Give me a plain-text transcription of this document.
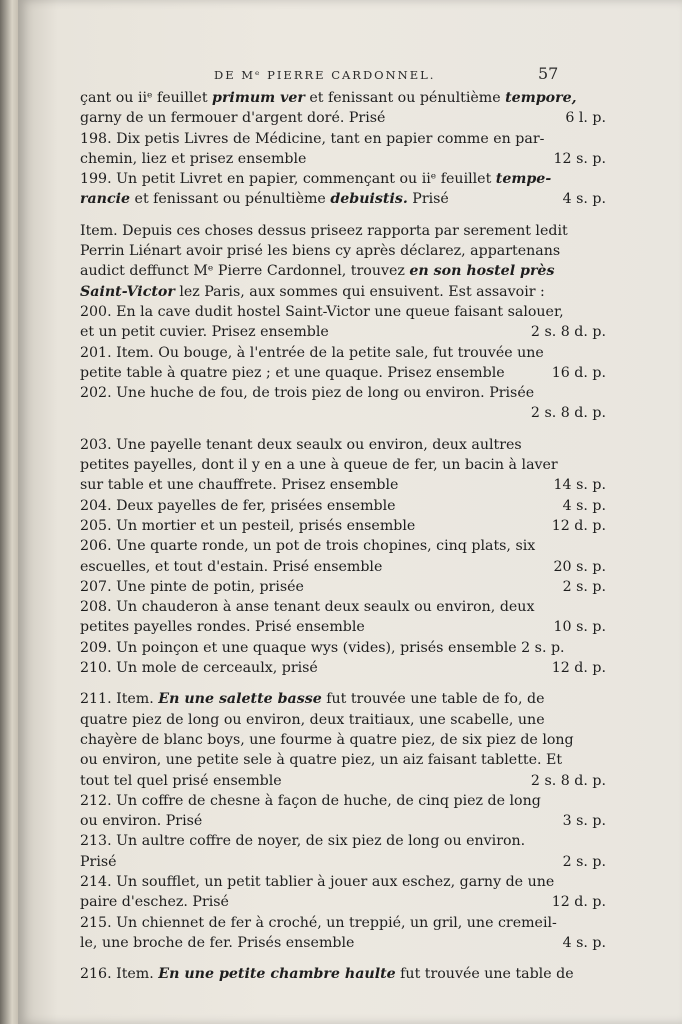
DE Mᵉ PIERRE CARDONNEL.	57
çant ou iiᵉ feuillet primum ver et fenissant ou pénultième tempore,
garny de un fermouer d'argent doré. Prisé	6 l. p.
198. Dix petis Livres de Médicine, tant en papier comme en par-
chemin, liez et prisez ensemble	12 s. p.
199. Un petit Livret en papier, commençant ou iiᵉ feuillet tempe-
rancie et fenissant ou pénultième debuistis. Prisé	4 s. p.
Item. Depuis ces choses dessus priseez rapporta par serement ledit
Perrin Liénart avoir prisé les biens cy après déclarez, appartenans
audict deffunct Mᵉ Pierre Cardonnel, trouvez en son hostel près
Saint-Victor lez Paris, aux sommes qui ensuivent. Est assavoir :
200. En la cave dudit hostel Saint-Victor une queue faisant salouer,
et un petit cuvier. Prisez ensemble	2 s. 8 d. p.
201. Item. Ou bouge, à l'entrée de la petite sale, fut trouvée une
petite table à quatre piez ; et une quaque. Prisez ensemble	16 d. p.
202. Une huche de fou, de trois piez de long ou environ. Prisée
2 s. 8 d. p.
203. Une payelle tenant deux seaulx ou environ, deux aultres
petites payelles, dont il y en a une à queue de fer, un bacin à laver
sur table et une chauffrete. Prisez ensemble	14 s. p.
204. Deux payelles de fer, prisées ensemble	4 s. p.
205. Un mortier et un pesteil, prisés ensemble	12 d. p.
206. Une quarte ronde, un pot de trois chopines, cinq plats, six
escuelles, et tout d'estain. Prisé ensemble	20 s. p.
207. Une pinte de potin, prisée	2 s. p.
208. Un chauderon à anse tenant deux seaulx ou environ, deux
petites payelles rondes. Prisé ensemble	10 s. p.
209. Un poinçon et une quaque wys (vides), prisés ensemble 2 s. p.
210. Un mole de cerceaulx, prisé	12 d. p.
211. Item. En une salette basse fut trouvée une table de fo, de
quatre piez de long ou environ, deux traitiaux, une scabelle, une
chayère de blanc boys, une fourme à quatre piez, de six piez de long
ou environ, une petite sele à quatre piez, un aiz faisant tablette. Et
tout tel quel prisé ensemble	2 s. 8 d. p.
212. Un coffre de chesne à façon de huche, de cinq piez de long
ou environ. Prisé	3 s. p.
213. Un aultre coffre de noyer, de six piez de long ou environ.
Prisé	2 s. p.
214. Un soufflet, un petit tablier à jouer aux eschez, garny de une
paire d'eschez. Prisé	12 d. p.
215. Un chiennet de fer à croché, un treppié, un gril, une cremeil-
le, une broche de fer. Prisés ensemble	4 s. p.
216. Item. En une petite chambre haulte fut trouvée une table de
